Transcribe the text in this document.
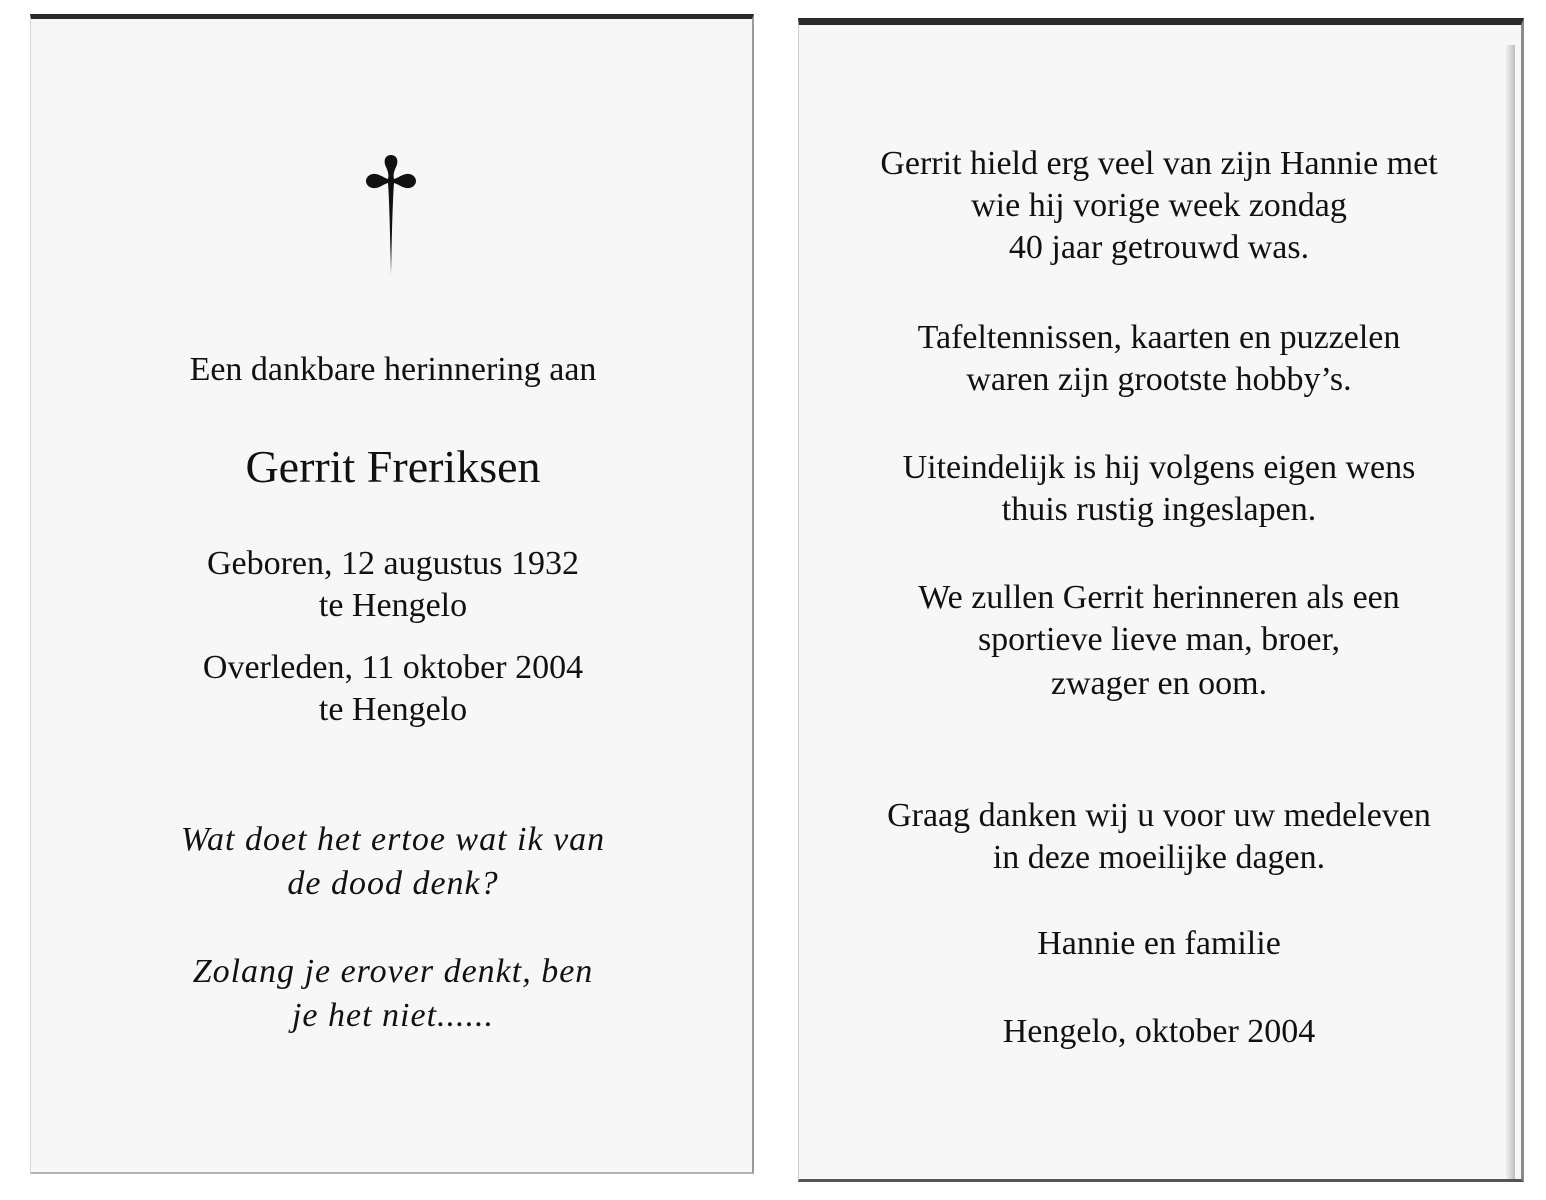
Een dankbare herinnering aan
Gerrit Freriksen
Geboren, 12 augustus 1932
te Hengelo
Overleden, 11 oktober 2004
te Hengelo
Wat doet het ertoe wat ik van
de dood denk?
Zolang je erover denkt, ben
je het niet......
Gerrit hield erg veel van zijn Hannie met
wie hij vorige week zondag
40 jaar getrouwd was.
Tafeltennissen, kaarten en puzzelen
waren zijn grootste hobby’s.
Uiteindelijk is hij volgens eigen wens
thuis rustig ingeslapen.
We zullen Gerrit herinneren als een
sportieve lieve man, broer,
zwager en oom.
Graag danken wij u voor uw medeleven
in deze moeilijke dagen.
Hannie en familie
Hengelo, oktober 2004
